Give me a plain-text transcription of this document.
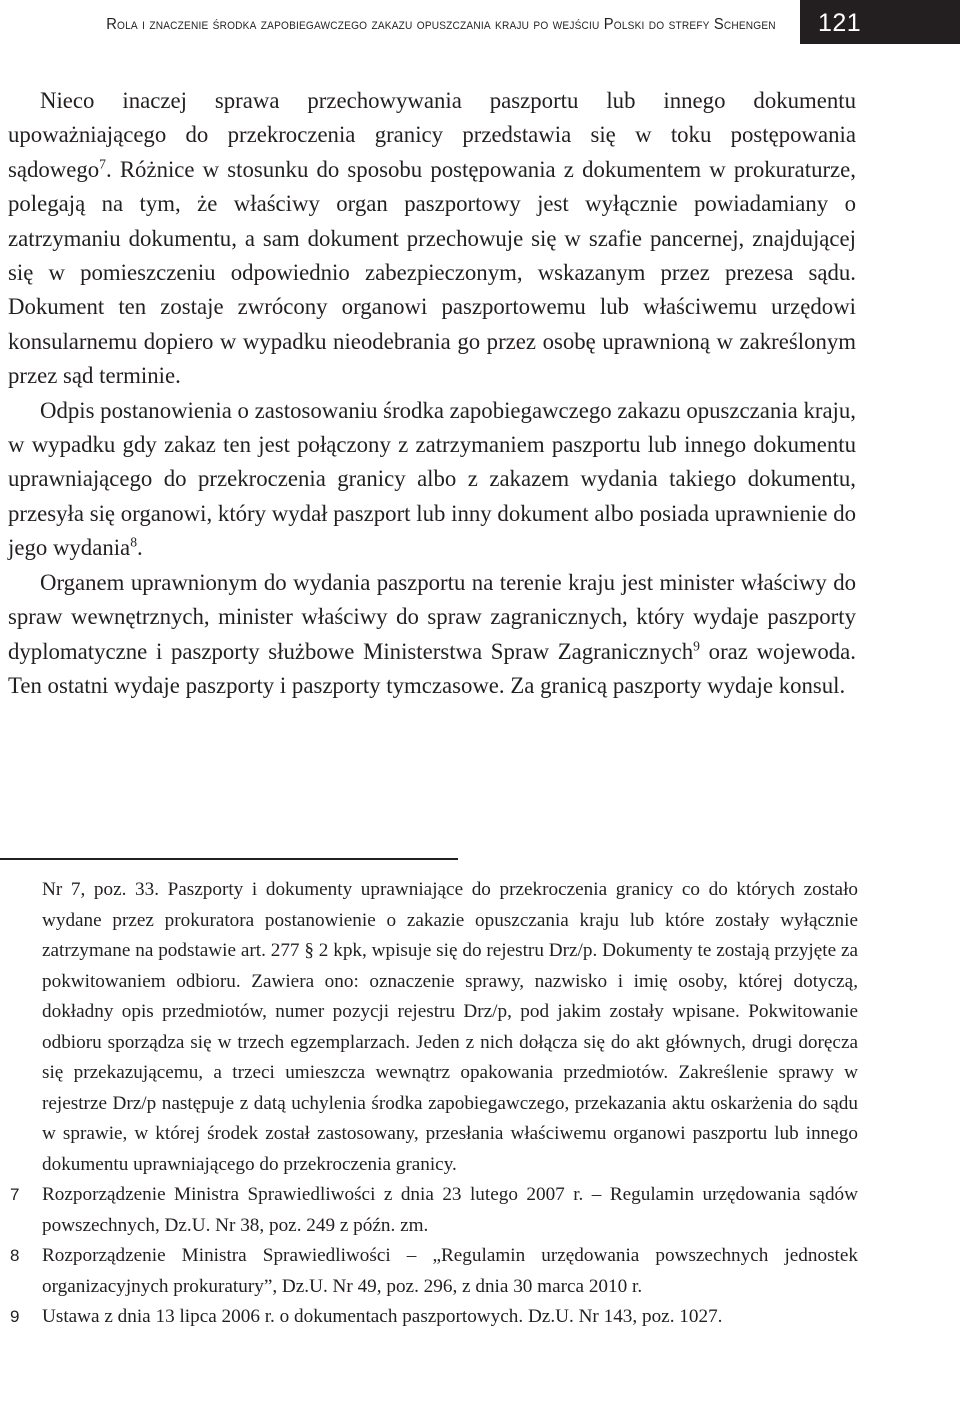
Rola i znaczenie środka zapobiegawczego zakazu opuszczania kraju po wejściu Polski do strefy Schengen 121

Nieco inaczej sprawa przechowywania paszportu lub innego dokumentu upoważniającego do przekroczenia granicy przedstawia się w toku postępowania sądowego$^7$. Różnice w stosunku do sposobu postępowania z dokumentem w prokuraturze, polegają na tym, że właściwy organ paszportowy jest wyłącznie powiadamiany o zatrzymaniu dokumentu, a sam dokument przechowuje się w szafie pancernej, znajdującej się w pomieszczeniu odpowiednio zabezpieczonym, wskazanym przez prezesa sądu. Dokument ten zostaje zwrócony organowi paszportowemu lub właściwemu urzędowi konsularnemu dopiero w wypadku nieodebrania go przez osobę uprawnioną w zakreślonym przez sąd terminie.

Odpis postanowienia o zastosowaniu środka zapobiegawczego zakazu opuszczania kraju, w wypadku gdy zakaz ten jest połączony z zatrzymaniem paszportu lub innego dokumentu uprawniającego do przekroczenia granicy albo z zakazem wydania takiego dokumentu, przesyła się organowi, który wydał paszport lub inny dokument albo posiada uprawnienie do jego wydania$^8$.

Organem uprawnionym do wydania paszportu na terenie kraju jest minister właściwy do spraw wewnętrznych, minister właściwy do spraw zagranicznych, który wydaje paszporty dyplomatyczne i paszporty służbowe Ministerstwa Spraw Zagranicznych$^9$ oraz wojewoda. Ten ostatni wydaje paszporty i paszporty tymczasowe. Za granicą paszporty wydaje konsul.

Nr 7, poz. 33. Paszporty i dokumenty uprawniające do przekroczenia granicy co do których zostało wydane przez prokuratora postanowienie o zakazie opuszczania kraju lub które zostały wyłącznie zatrzymane na podstawie art. 277 § 2 kpk, wpisuje się do rejestru Drz/p. Dokumenty te zostają przyjęte za pokwitowaniem odbioru. Zawiera ono: oznaczenie sprawy, nazwisko i imię osoby, której dotyczą, dokładny opis przedmiotów, numer pozycji rejestru Drz/p, pod jakim zostały wpisane. Pokwitowanie odbioru sporządza się w trzech egzemplarzach. Jeden z nich dołącza się do akt głównych, drugi doręcza się przekazującemu, a trzeci umieszcza wewnątrz opakowania przedmiotów. Zakreślenie sprawy w rejestrze Drz/p następuje z datą uchylenia środka zapobiegawczego, przekazania aktu oskarżenia do sądu w sprawie, w której środek został zastosowany, przesłania właściwemu organowi paszportu lub innego dokumentu uprawniającego do przekroczenia granicy.
7 Rozporządzenie Ministra Sprawiedliwości z dnia 23 lutego 2007 r. – Regulamin urzędowania sądów powszechnych, Dz.U. Nr 38, poz. 249 z późn. zm.
8 Rozporządzenie Ministra Sprawiedliwości – „Regulamin urzędowania powszechnych jednostek organizacyjnych prokuratury”, Dz.U. Nr 49, poz. 296, z dnia 30 marca 2010 r.
9 Ustawa z dnia 13 lipca 2006 r. o dokumentach paszportowych. Dz.U. Nr 143, poz. 1027.
